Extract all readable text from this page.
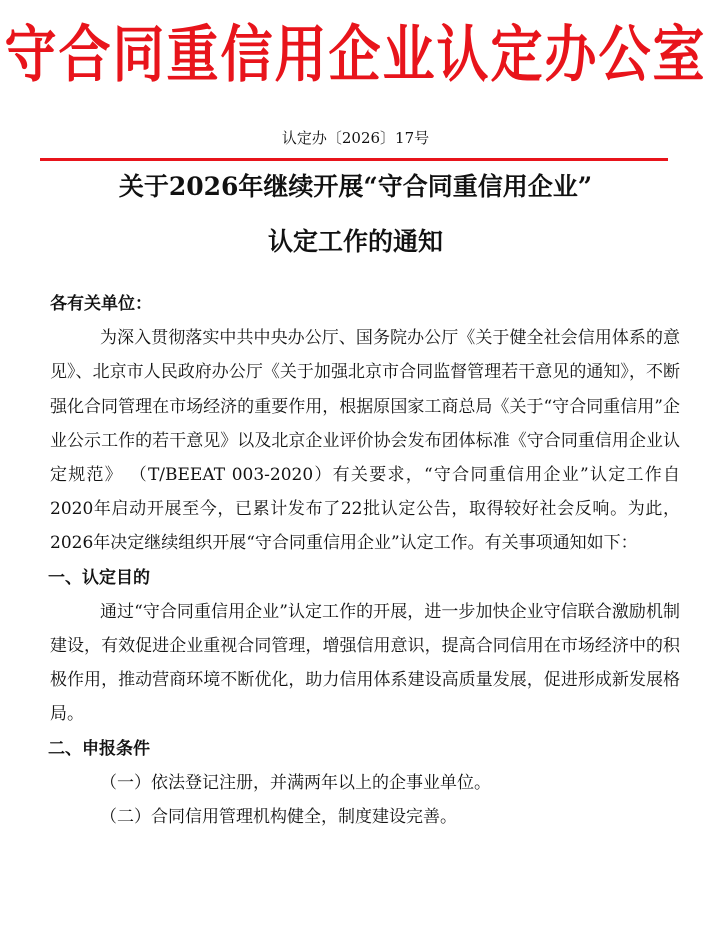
守合同重信用企业认定办公室
认定办〔2026〕17号
关于2026年继续开展“守合同重信用企业”
认定工作的通知

各有关单位：

为深入贯彻落实中共中央办公厅、国务院办公厅《关于健全社会信用体系的意见》、北京市人民政府办公厅《关于加强北京市合同监督管理若干意见的通知》，不断强化合同管理在市场经济的重要作用，根据原国家工商总局《关于“守合同重信用”企业公示工作的若干意见》以及北京企业评价协会发布团体标准《守合同重信用企业认定规范》 （T/BEEAT 003-2020）有关要求，“守合同重信用企业”认定工作自2020年启动开展至今，已累计发布了22批认定公告，取得较好社会反响。为此，2026年决定继续组织开展“守合同重信用企业”认定工作。有关事项通知如下：

一、认定目的

通过“守合同重信用企业”认定工作的开展，进一步加快企业守信联合激励机制建设，有效促进企业重视合同管理，增强信用意识，提高合同信用在市场经济中的积极作用，推动营商环境不断优化，助力信用体系建设高质量发展，促进形成新发展格局。

二、申报条件

（一）依法登记注册，并满两年以上的企事业单位。

（二）合同信用管理机构健全，制度建设完善。
